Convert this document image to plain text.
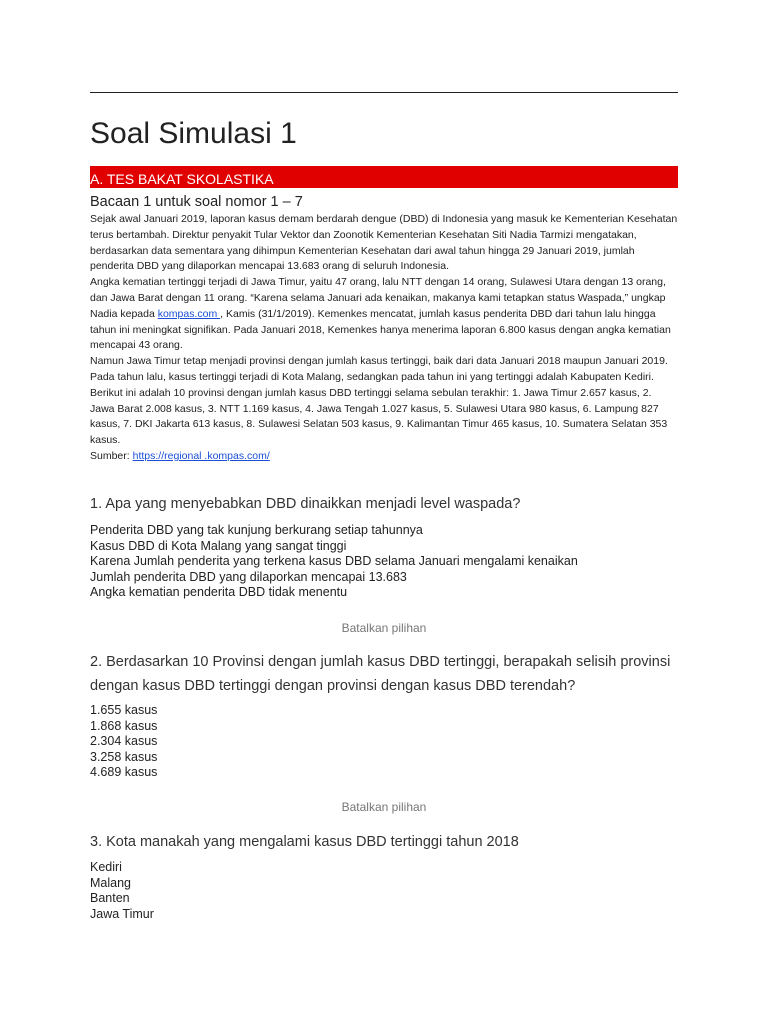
Soal Simulasi 1
A. TES BAKAT SKOLASTIKA
Bacaan 1 untuk soal nomor 1 – 7

Sejak awal Januari 2019, laporan kasus demam berdarah dengue (DBD) di Indonesia yang masuk ke Kementerian Kesehatan terus bertambah. Direktur penyakit Tular Vektor dan Zoonotik Kementerian Kesehatan Siti Nadia Tarmizi mengatakan, berdasarkan data sementara yang dihimpun Kementerian Kesehatan dari awal tahun hingga 29 Januari 2019, jumlah penderita DBD yang dilaporkan mencapai 13.683 orang di seluruh Indonesia.

Angka kematian tertinggi terjadi di Jawa Timur, yaitu 47 orang, lalu NTT dengan 14 orang, Sulawesi Utara dengan 13 orang, dan Jawa Barat dengan 11 orang. “Karena selama Januari ada kenaikan, makanya kami tetapkan status Waspada,” ungkap Nadia kepada kompas.com , Kamis (31/1/2019). Kemenkes mencatat, jumlah kasus penderita DBD dari tahun lalu hingga tahun ini meningkat signifikan. Pada Januari 2018, Kemenkes hanya menerima laporan 6.800 kasus dengan angka kematian mencapai 43 orang.

Namun Jawa Timur tetap menjadi provinsi dengan jumlah kasus tertinggi, baik dari data Januari 2018 maupun Januari 2019. Pada tahun lalu, kasus tertinggi terjadi di Kota Malang, sedangkan pada tahun ini yang tertinggi adalah Kabupaten Kediri. Berikut ini adalah 10 provinsi dengan jumlah kasus DBD tertinggi selama sebulan terakhir: 1. Jawa Timur 2.657 kasus, 2. Jawa Barat 2.008 kasus, 3. NTT 1.169 kasus, 4. Jawa Tengah 1.027 kasus, 5. Sulawesi Utara 980 kasus, 6. Lampung 827 kasus, 7. DKI Jakarta 613 kasus, 8. Sulawesi Selatan 503 kasus, 9. Kalimantan Timur 465 kasus, 10. Sumatera Selatan 353 kasus.

Sumber: https://regional .kompas.com/

1. Apa yang menyebabkan DBD dinaikkan menjadi level waspada?
Penderita DBD yang tak kunjung berkurang setiap tahunnya
Kasus DBD di Kota Malang yang sangat tinggi
Karena Jumlah penderita yang terkena kasus DBD selama Januari mengalami kenaikan
Jumlah penderita DBD yang dilaporkan mencapai 13.683
Angka kematian penderita DBD tidak menentu
Batalkan pilihan
2. Berdasarkan 10 Provinsi dengan jumlah kasus DBD tertinggi, berapakah selisih provinsi dengan kasus DBD tertinggi dengan provinsi dengan kasus DBD terendah?
1.655 kasus
1.868 kasus
2.304 kasus
3.258 kasus
4.689 kasus
Batalkan pilihan
3. Kota manakah yang mengalami kasus DBD tertinggi tahun 2018
Kediri
Malang
Banten
Jawa Timur
